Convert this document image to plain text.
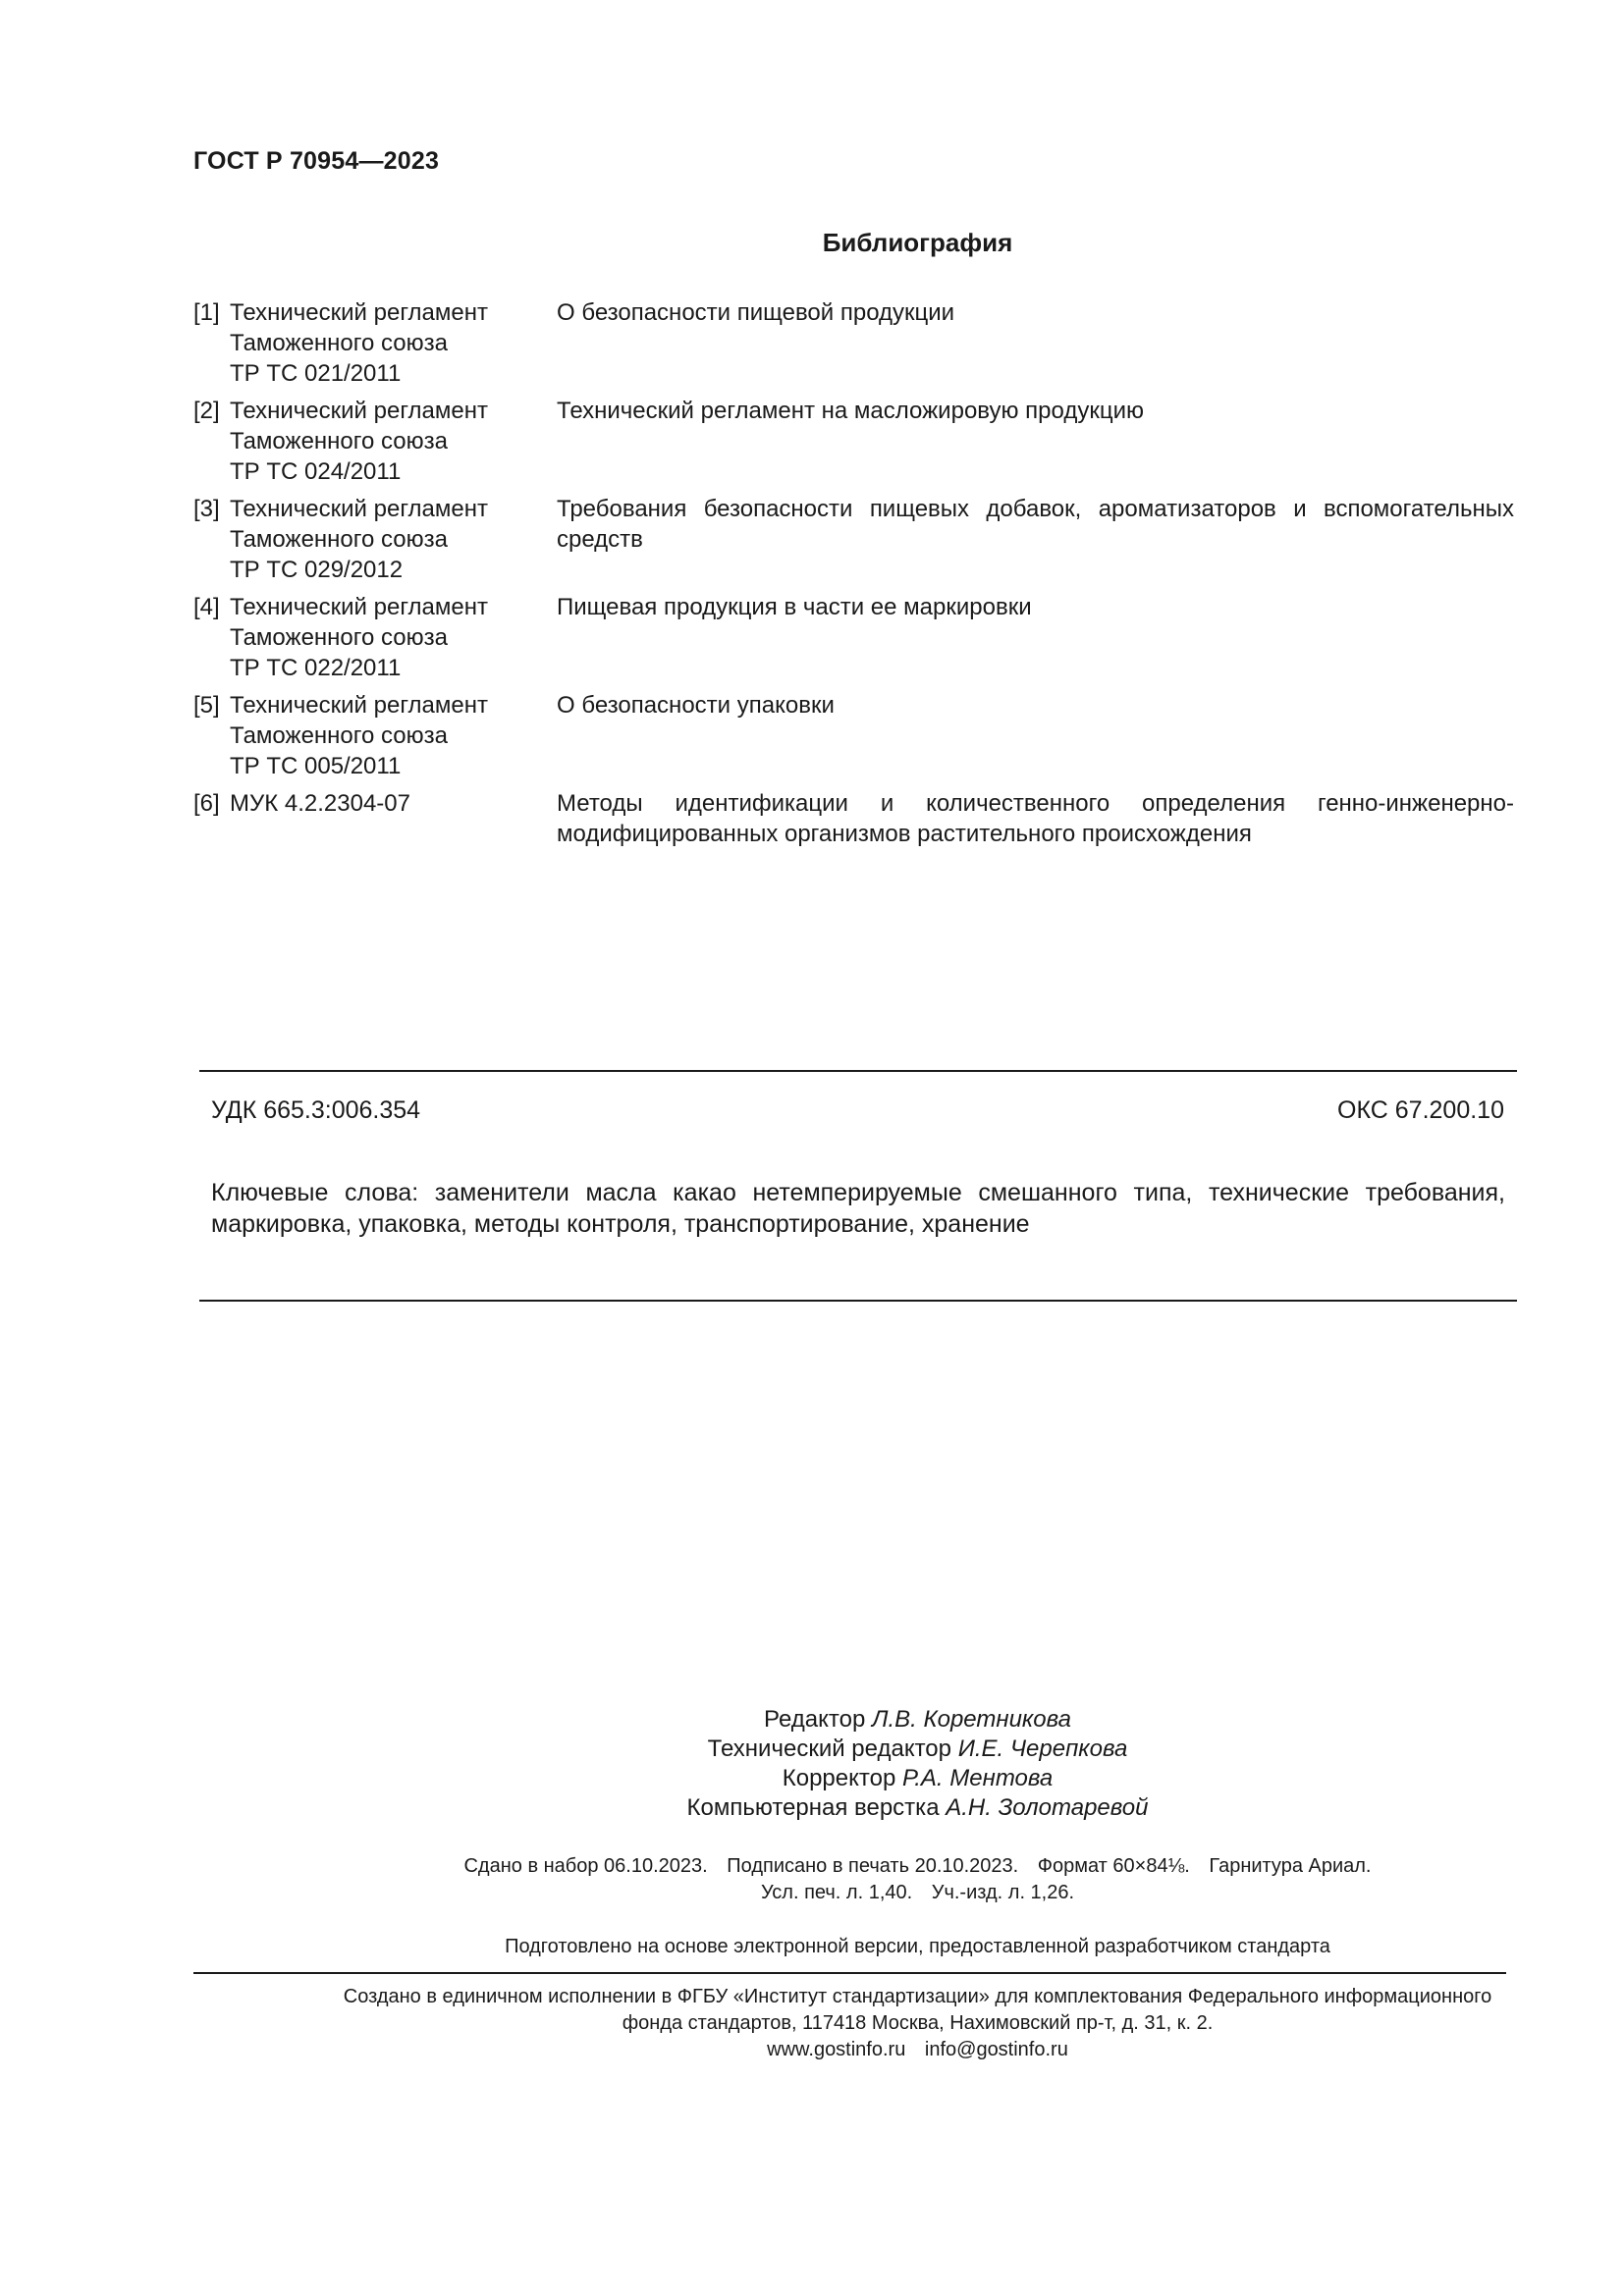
ГОСТ Р 70954—2023
Библиография
[1] Технический регламент
Таможенного союза
ТР ТС 021/2011
О безопасности пищевой продукции
[2] Технический регламент
Таможенного союза
ТР ТС 024/2011
Технический регламент на масложировую продукцию
[3] Технический регламент
Таможенного союза
ТР ТС 029/2012
Требования безопасности пищевых добавок, ароматизаторов и вспомогательных средств
[4] Технический регламент
Таможенного союза
ТР ТС 022/2011
Пищевая продукция в части ее маркировки
[5] Технический регламент
Таможенного союза
ТР ТС 005/2011
О безопасности упаковки
[6] МУК 4.2.2304-07	Методы идентификации и количественного определения генно-инженерно-модифицированных организмов растительного происхождения
УДК 665.3:006.354	ОКС 67.200.10
Ключевые слова: заменители масла какао нетемперируемые смешанного типа, технические требования, маркировка, упаковка, методы контроля, транспортирование, хранение
Редактор Л.В. Коретникова
Технический редактор И.Е. Черепкова
Корректор Р.А. Ментова
Компьютерная верстка А.Н. Золотаревой
Сдано в набор 06.10.2023. Подписано в печать 20.10.2023. Формат 60×84⅛. Гарнитура Ариал.
Усл. печ. л. 1,40. Уч.-изд. л. 1,26.
Подготовлено на основе электронной версии, предоставленной разработчиком стандарта
Создано в единичном исполнении в ФГБУ «Институт стандартизации» для комплектования Федерального информационного
фонда стандартов, 117418 Москва, Нахимовский пр-т, д. 31, к. 2.
www.gostinfo.ru info@gostinfo.ru
